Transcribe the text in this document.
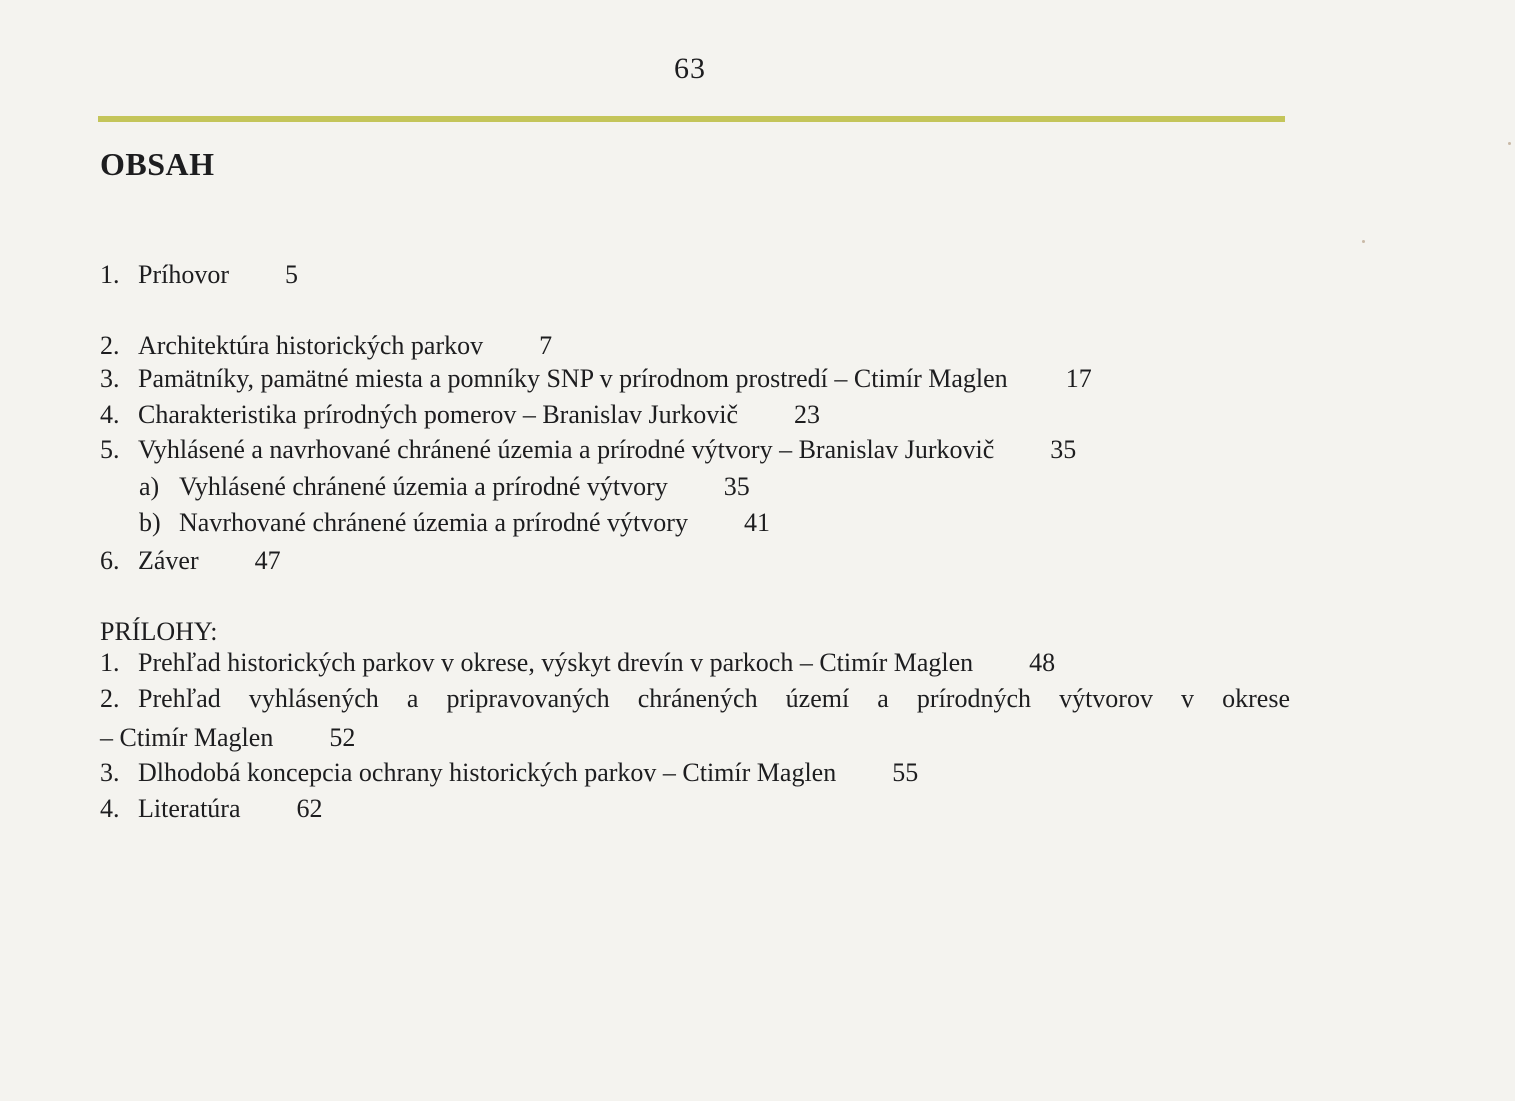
63
OBSAH
1. Príhovor 5
2. Architektúra historických parkov 7
3. Pamätníky, pamätné miesta a pomníky SNP v prírodnom prostredí – Ctimír Maglen 17
4. Charakteristika prírodných pomerov – Branislav Jurkovič 23
5. Vyhlásené a navrhované chránené územia a prírodné výtvory – Branislav Jurkovič 35
a) Vyhlásené chránené územia a prírodné výtvory 35
b) Navrhované chránené územia a prírodné výtvory 41
6. Záver 47
PRÍLOHY:
1. Prehľad historických parkov v okrese, výskyt drevín v parkoch – Ctimír Maglen 48
2. Prehľad vyhlásených a pripravovaných chránených území a prírodných výtvorov v okrese
– Ctimír Maglen 52
3. Dlhodobá koncepcia ochrany historických parkov – Ctimír Maglen 55
4. Literatúra 62
